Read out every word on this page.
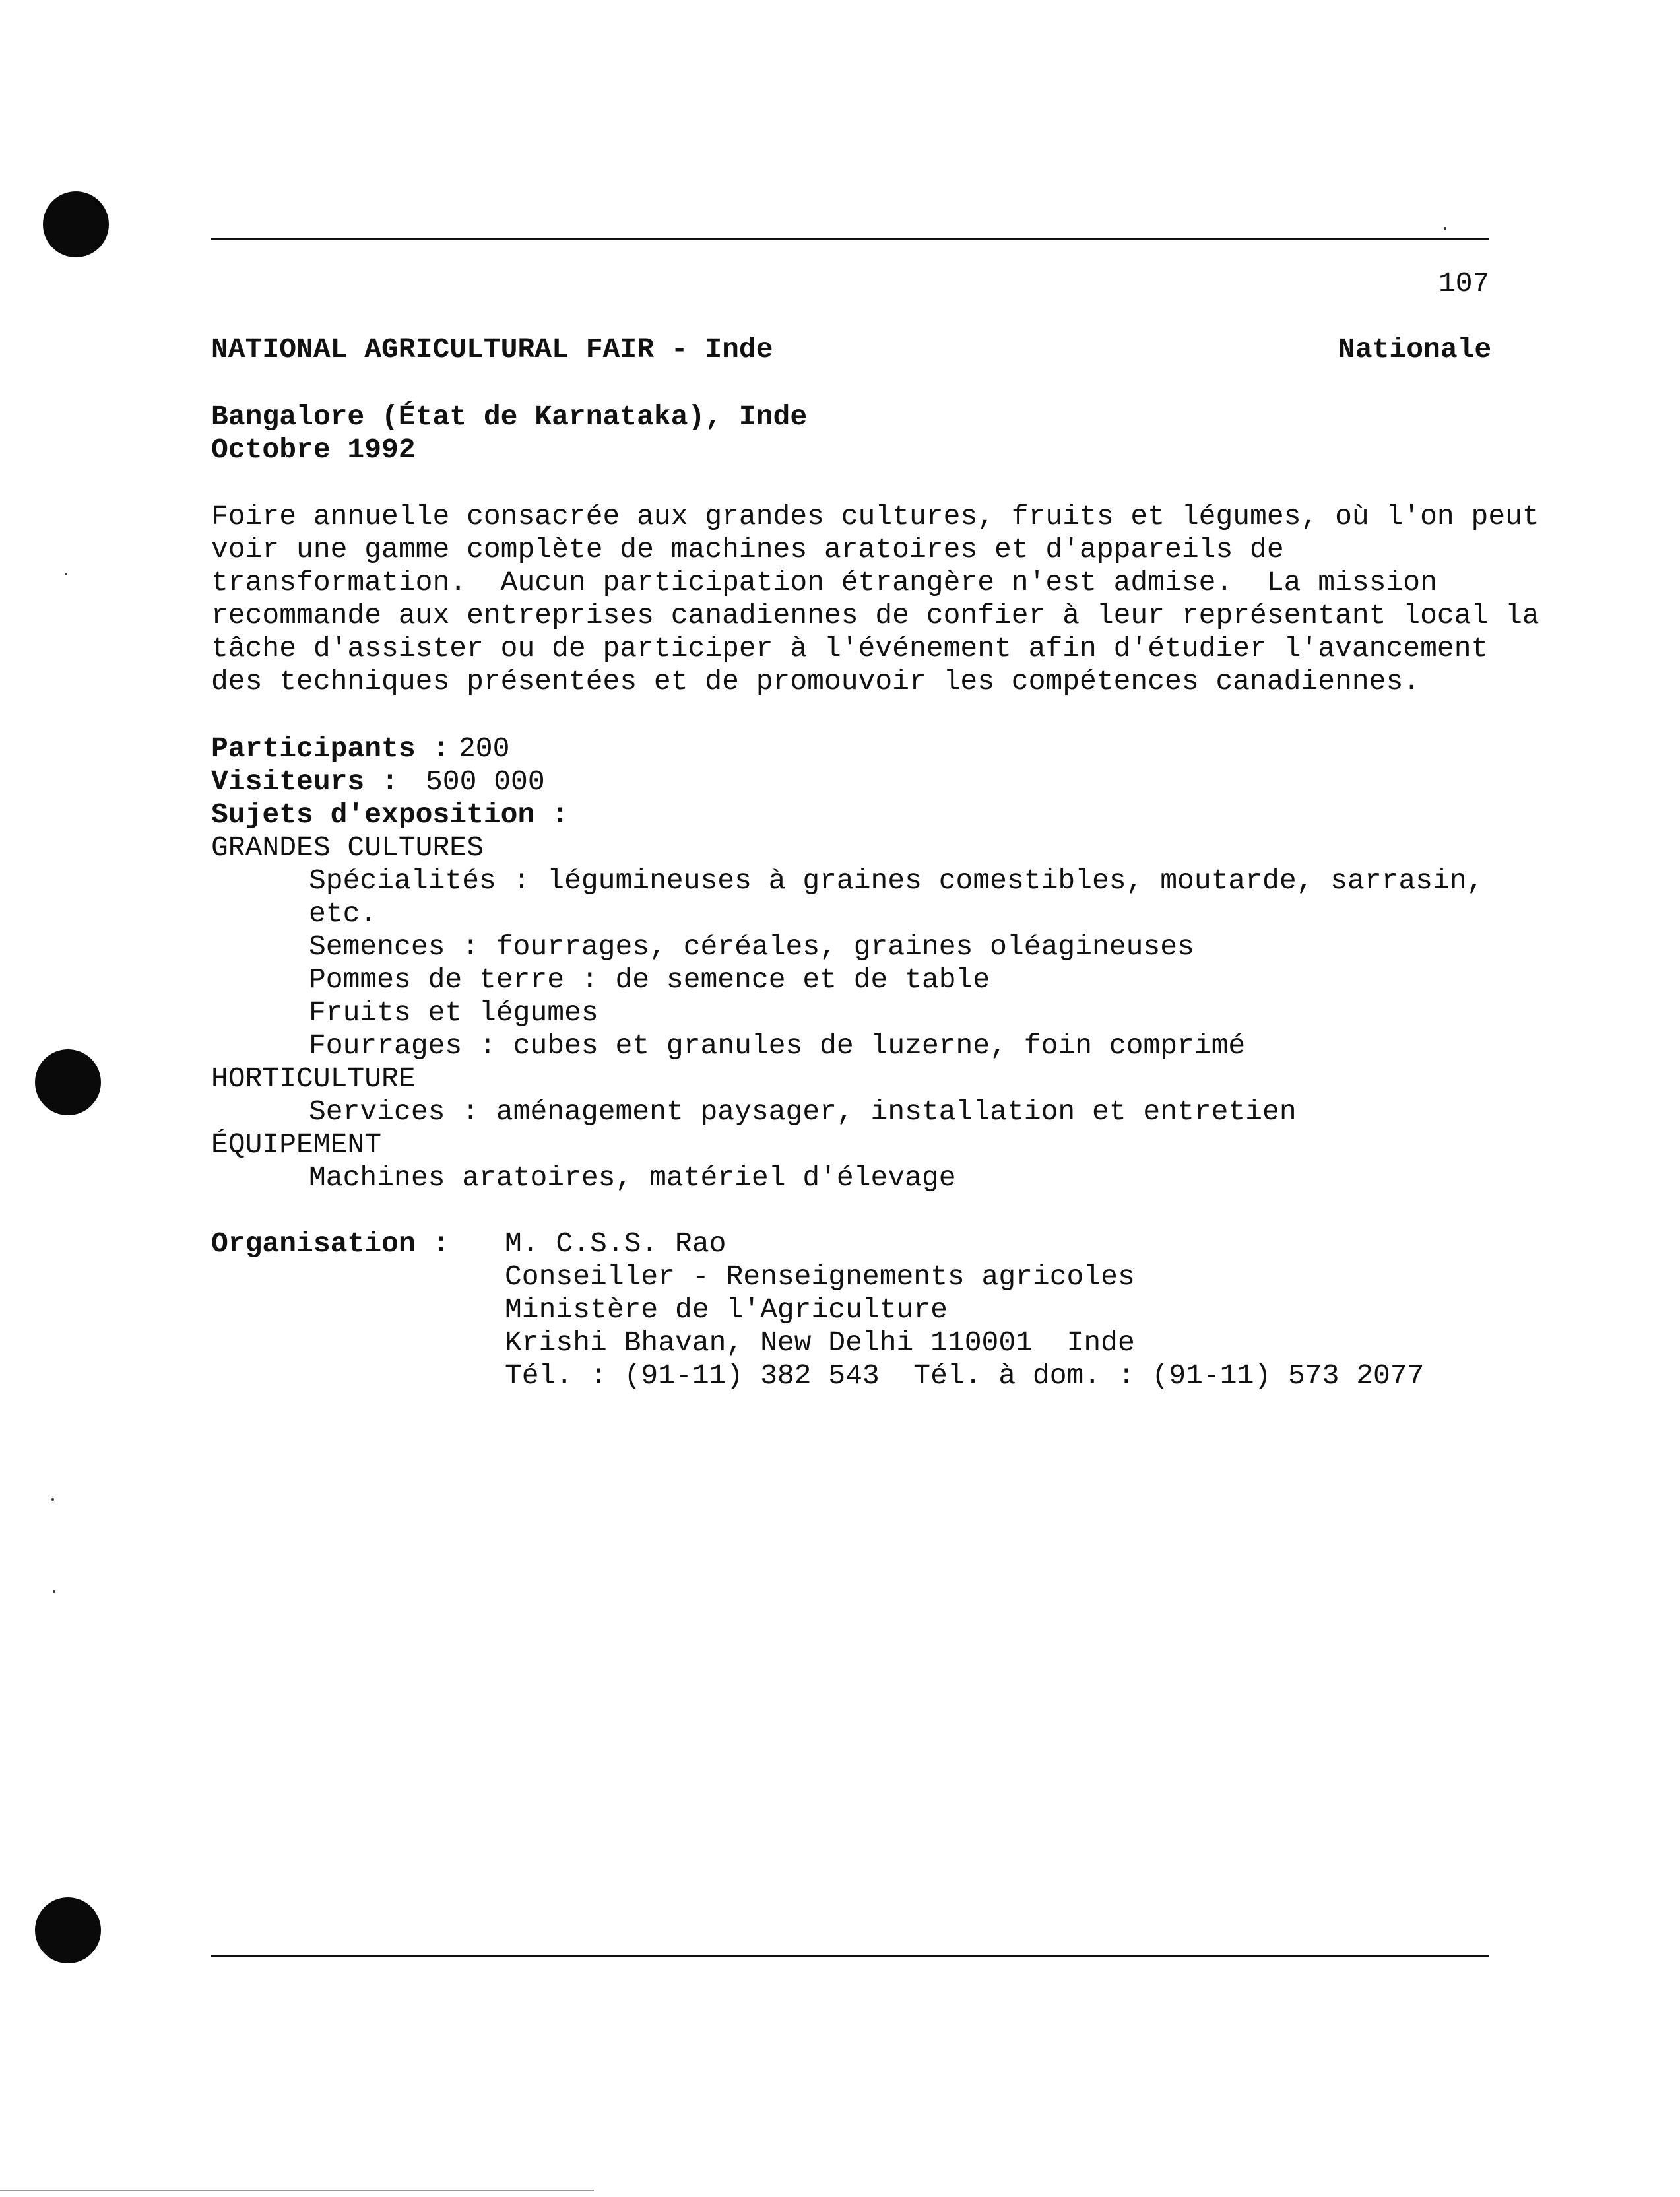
107
NATIONAL AGRICULTURAL FAIR - Inde	Nationale
Bangalore (État de Karnataka), Inde
Octobre 1992
Foire annuelle consacrée aux grandes cultures, fruits et légumes, où l'on peut
voir une gamme complète de machines aratoires et d'appareils de
transformation.  Aucun participation étrangère n'est admise.  La mission
recommande aux entreprises canadiennes de confier à leur représentant local la
tâche d'assister ou de participer à l'événement afin d'étudier l'avancement
des techniques présentées et de promouvoir les compétences canadiennes.
Participants : 200
Visiteurs : 500 000
Sujets d'exposition :
GRANDES CULTURES
Spécialités : légumineuses à graines comestibles, moutarde, sarrasin,
etc.
Semences : fourrages, céréales, graines oléagineuses
Pommes de terre : de semence et de table
Fruits et légumes
Fourrages : cubes et granules de luzerne, foin comprimé
HORTICULTURE
Services : aménagement paysager, installation et entretien
ÉQUIPEMENT
Machines aratoires, matériel d'élevage
Organisation : M. C.S.S. Rao
Conseiller - Renseignements agricoles
Ministère de l'Agriculture
Krishi Bhavan, New Delhi 110001  Inde
Tél. : (91-11) 382 543  Tél. à dom. : (91-11) 573 2077
